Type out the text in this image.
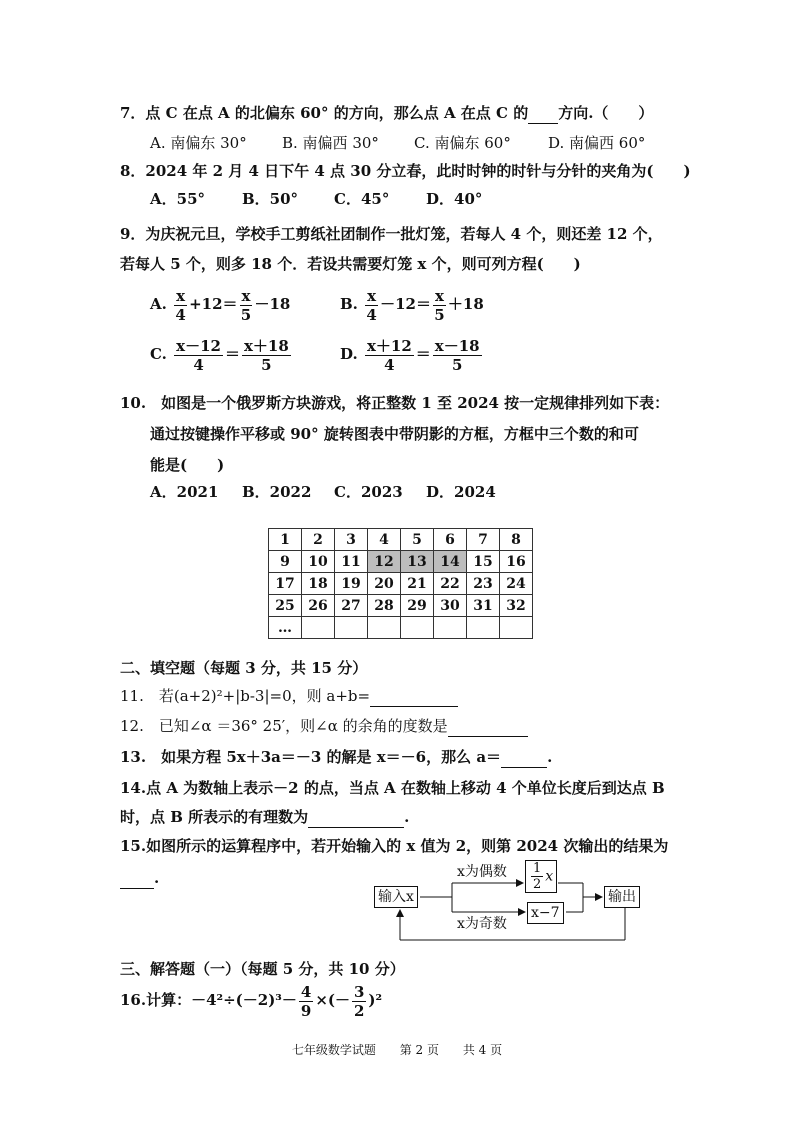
7．点 C 在点 A 的北偏东 60° 的方向，那么点 A 在点 C 的 方向.（　　）
A. 南偏东 30° B. 南偏西 30° C. 南偏东 60° D. 南偏西 60°
8．2024 年 2 月 4 日下午 4 点 30 分立春，此时时钟的时针与分针的夹角为(　　)
A．55° B．50° C．45° D．40°
9．为庆祝元旦，学校手工剪纸社团制作一批灯笼，若每人 4 个，则还差 12 个，
若每人 5 个，则多 18 个．若设共需要灯笼 x 个，则可列方程(　　)
A. $\frac{x}{4} +12= \frac{x}{5} -18$	B. $\frac{x}{4} -12= \frac{x}{5} +18$
C. $\frac{x-12}{4} = \frac{x+18}{5}$	D. $\frac{x+12}{4} = \frac{x-18}{5}$
10.　如图是一个俄罗斯方块游戏，将正整数 1 至 2024 按一定规律排列如下表：
通过按键操作平移或 90° 旋转图表中带阴影的方框，方框中三个数的和可
能是(　　)
A．2021 B．2022 C．2023 D．2024
1	2	3	4	5	6	7	8
9	10	11	12	13	14	15	16
17	18	19	20	21	22	23	24
25	26	27	28	29	30	31	32
…							
二、填空题（每题 3 分，共 15 分）
11.　若(a+2)²+|b-3|=0，则 a+b=
12.　已知∠α ＝36° 25′，则∠α 的余角的度数是
13.　如果方程 5x＋3a＝－3 的解是 x＝－6，那么 a＝	.
14.点 A 为数轴上表示－2 的点，当点 A 在数轴上移动 4 个单位长度后到达点 B
时，点 B 所表示的有理数为	.
15.如图所示的运算程序中，若开始输入的 x 值为 2，则第 2024 次输出的结果为
.
输入x
x为偶数
x为奇数
$\frac{1}{2}$ x
x−7
输出
三、解答题（一）（每题 5 分，共 10 分）
16.计算：$-4^2\div(-2)^3- \frac{4}{9}$ ×(－ $\frac{3}{2} )^2$
七年级数学试题 第 2 页 共 4 页
